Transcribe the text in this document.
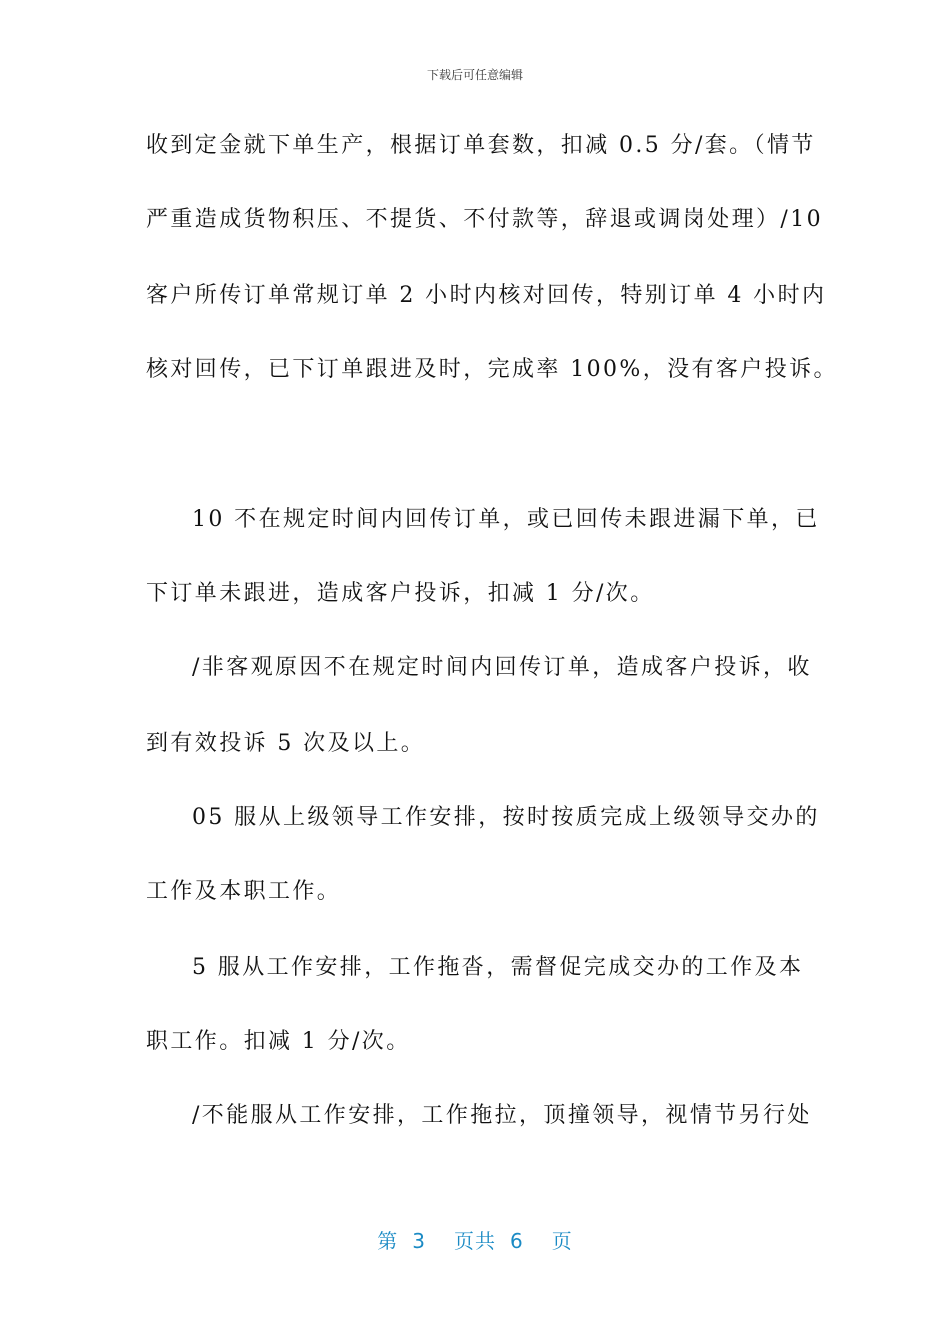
下载后可任意编辑
收到定金就下单生产，根据订单套数，扣减 0.5 分/套。（情节
严重造成货物积压、不提货、不付款等，辞退或调岗处理）/10
客户所传订单常规订单 2 小时内核对回传，特别订单 4 小时内
核对回传，已下订单跟进及时，完成率 100%，没有客户投诉。
10 不在规定时间内回传订单，或已回传未跟进漏下单，已
下订单未跟进，造成客户投诉，扣减 1 分/次。
/非客观原因不在规定时间内回传订单，造成客户投诉，收
到有效投诉 5 次及以上。
05 服从上级领导工作安排，按时按质完成上级领导交办的
工作及本职工作。
5 服从工作安排，工作拖沓，需督促完成交办的工作及本
职工作。扣减 1 分/次。
/不能服从工作安排，工作拖拉，顶撞领导，视情节另行处
第 3 页共 6 页
